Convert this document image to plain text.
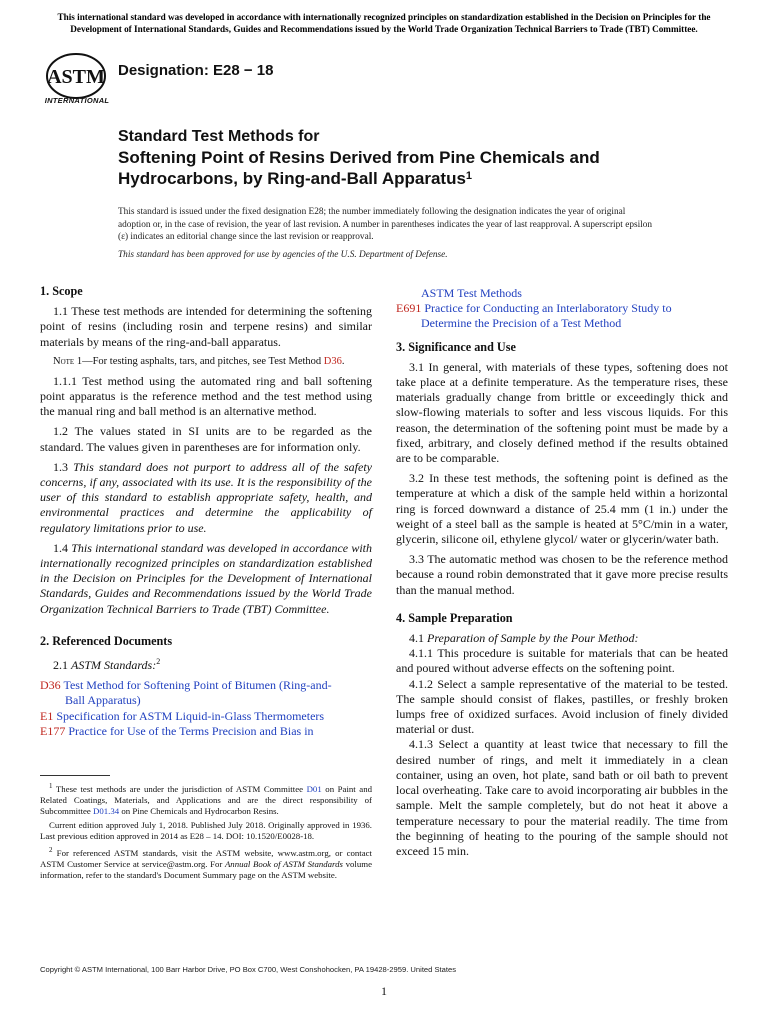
This international standard was developed in accordance with internationally recognized principles on standardization established in the Decision on Principles for the Development of International Standards, Guides and Recommendations issued by the World Trade Organization Technical Barriers to Trade (TBT) Committee.
ASTM
INTERNATIONAL
Designation: E28 − 18
Standard Test Methods for
Softening Point of Resins Derived from Pine Chemicals and
Hydrocarbons, by Ring-and-Ball Apparatus$^1$
This standard is issued under the fixed designation E28; the number immediately following the designation indicates the year of original adoption or, in the case of revision, the year of last revision. A number in parentheses indicates the year of last reapproval. A superscript epsilon (ε) indicates an editorial change since the last revision or reapproval.
This standard has been approved for use by agencies of the U.S. Department of Defense.
1. Scope

1.1 These test methods are intended for determining the softening point of resins (including rosin and terpene resins) and similar materials by means of the ring-and-ball apparatus.

Note 1—For testing asphalts, tars, and pitches, see Test Method D36.

1.1.1 Test method using the automated ring and ball softening point apparatus is the reference method and the test method using the manual ring and ball method is an alternative method.

1.2 The values stated in SI units are to be regarded as the standard. The values given in parentheses are for information only.

1.3 This standard does not purport to address all of the safety concerns, if any, associated with its use. It is the responsibility of the user of this standard to establish appropriate safety, health, and environmental practices and determine the applicability of regulatory limitations prior to use.

1.4 This international standard was developed in accordance with internationally recognized principles on standardization established in the Decision on Principles for the Development of International Standards, Guides and Recommendations issued by the World Trade Organization Technical Barriers to Trade (TBT) Committee.

2. Referenced Documents

2.1 ASTM Standards:$^2$

D36 Test Method for Softening Point of Bitumen (Ring-and-
Ball Apparatus)
E1 Specification for ASTM Liquid-in-Glass Thermometers
E177 Practice for Use of the Terms Precision and Bias in
ASTM Test Methods
E691 Practice for Conducting an Interlaboratory Study to
Determine the Precision of a Test Method
3. Significance and Use

3.1 In general, with materials of these types, softening does not take place at a definite temperature. As the temperature rises, these materials gradually change from brittle or exceedingly thick and slow-flowing materials to softer and less viscous liquids. For this reason, the determination of the softening point must be made by a fixed, arbitrary, and closely defined method if the results obtained are to be comparable.

3.2 In these test methods, the softening point is defined as the temperature at which a disk of the sample held within a horizontal ring is forced downward a distance of 25.4 mm (1 in.) under the weight of a steel ball as the sample is heated at 5°C/min in a water, glycerin, silicone oil, ethylene glycol/ water or glycerin/water bath.

3.3 The automatic method was chosen to be the reference method because a round robin demonstrated that it gave more precise results than the manual method.

4. Sample Preparation

4.1 Preparation of Sample by the Pour Method:

4.1.1 This procedure is suitable for materials that can be heated and poured without adverse effects on the softening point.

4.1.2 Select a sample representative of the material to be tested. The sample should consist of flakes, pastilles, or freshly broken lumps free of oxidized surfaces. Avoid inclusion of finely divided material or dust.

4.1.3 Select a quantity at least twice that necessary to fill the desired number of rings, and melt it immediately in a clean container, using an oven, hot plate, sand bath or oil bath to prevent local overheating. Take care to avoid incorporating air bubbles in the sample. Melt the sample completely, but do not heat it above a temperature necessary to pour the material readily. The time from the beginning of heating to the pouring of the sample should not exceed 15 min.

$^1$ These test methods are under the jurisdiction of ASTM Committee D01 on Paint and Related Coatings, Materials, and Applications and are the direct responsibility of Subcommittee D01.34 on Pine Chemicals and Hydrocarbon Resins.

Current edition approved July 1, 2018. Published July 2018. Originally approved in 1936. Last previous edition approved in 2014 as E28 – 14. DOI: 10.1520/E0028-18.

$^2$ For referenced ASTM standards, visit the ASTM website, www.astm.org, or contact ASTM Customer Service at service@astm.org. For Annual Book of ASTM Standards volume information, refer to the standard's Document Summary page on the ASTM website.

Copyright © ASTM International, 100 Barr Harbor Drive, PO Box C700, West Conshohocken, PA 19428-2959. United States
1
